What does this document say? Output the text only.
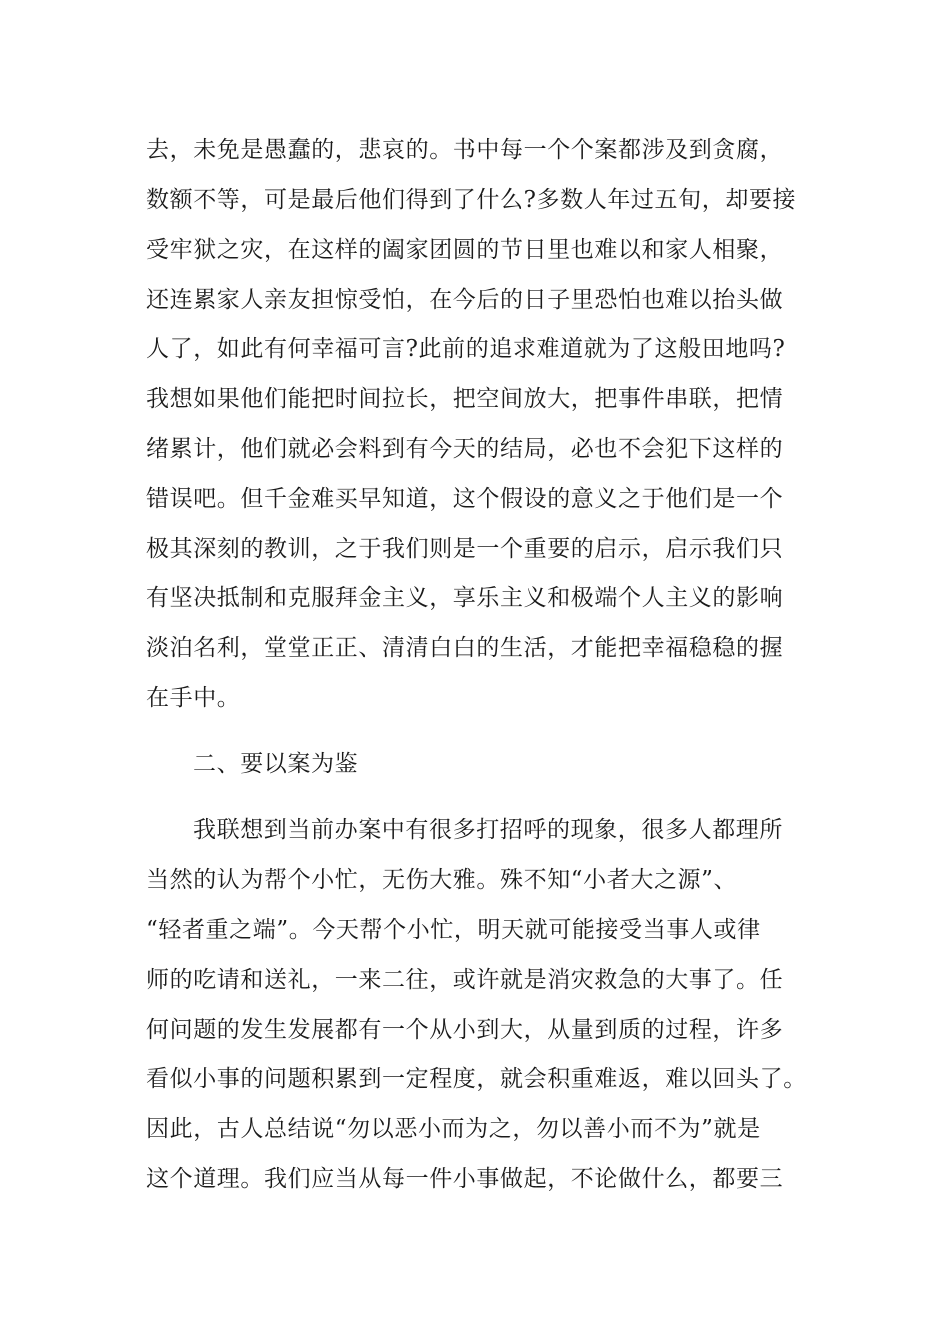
去，未免是愚蠢的，悲哀的。书中每一个个案都涉及到贪腐，
数额不等，可是最后他们得到了什么?多数人年过五旬，却要接
受牢狱之灾，在这样的阖家团圆的节日里也难以和家人相聚，
还连累家人亲友担惊受怕，在今后的日子里恐怕也难以抬头做
人了，如此有何幸福可言?此前的追求难道就为了这般田地吗?
我想如果他们能把时间拉长，把空间放大，把事件串联，把情
绪累计，他们就必会料到有今天的结局，必也不会犯下这样的
错误吧。但千金难买早知道，这个假设的意义之于他们是一个
极其深刻的教训，之于我们则是一个重要的启示，启示我们只
有坚决抵制和克服拜金主义，享乐主义和极端个人主义的影响
淡泊名利，堂堂正正、清清白白的生活，才能把幸福稳稳的握
在手中。
二、要以案为鉴
我联想到当前办案中有很多打招呼的现象，很多人都理所
当然的认为帮个小忙，无伤大雅。殊不知“小者大之源”、
“轻者重之端”。今天帮个小忙，明天就可能接受当事人或律
师的吃请和送礼，一来二往，或许就是消灾救急的大事了。任
何问题的发生发展都有一个从小到大，从量到质的过程，许多
看似小事的问题积累到一定程度，就会积重难返，难以回头了。
因此，古人总结说“勿以恶小而为之，勿以善小而不为”就是
这个道理。我们应当从每一件小事做起，不论做什么，都要三
